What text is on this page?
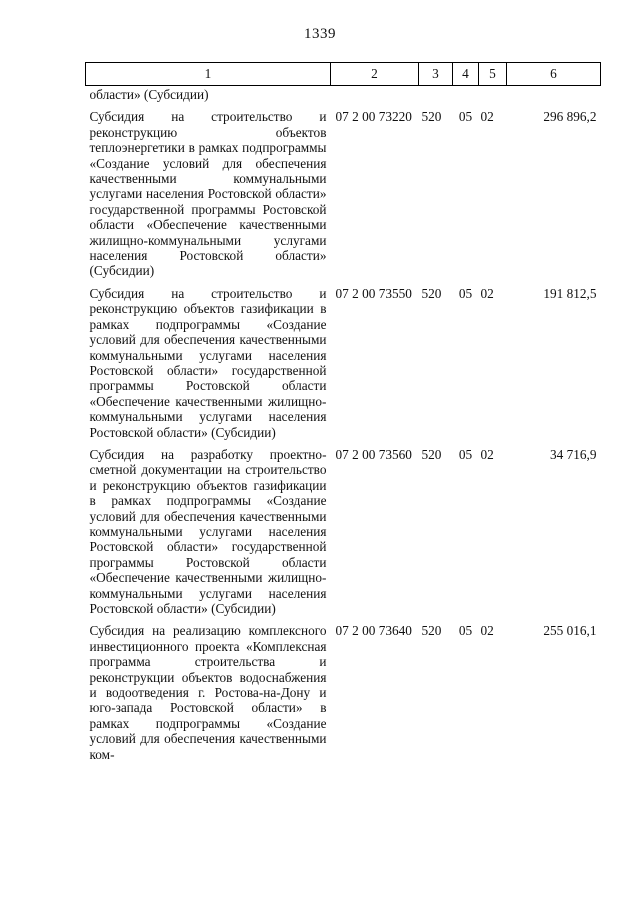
1339
1	2	3	4	5	6
области» (Субсидии)					
Субсидия на строительство и реконструкцию объектов теплоэнергетики в рамках подпрограммы «Создание условий для обеспечения качественными коммунальными услугами населения Ростовской области» государственной программы Ростовской области «Обеспечение качественными жилищно-коммунальными услугами населения Ростовской области» (Субсидии)	07 2 00 73220	520	05	02	296 896,2
Субсидия на строительство и реконструкцию объектов газификации в рамках подпрограммы «Создание условий для обеспечения качественными коммунальными услугами населения Ростовской области» государственной программы Ростовской области «Обеспечение качественными жилищно-коммунальными услугами населения Ростовской области» (Субсидии)	07 2 00 73550	520	05	02	191 812,5
Субсидия на разработку проектно-сметной документации на строительство и реконструкцию объектов газификации в рамках подпрограммы «Создание условий для обеспечения качественными коммунальными услугами населения Ростовской области» государственной программы Ростовской области «Обеспечение качественными жилищно-коммунальными услугами населения Ростовской области» (Субсидии)	07 2 00 73560	520	05	02	34 716,9
Субсидия на реализацию комплексного инвестиционного проекта «Комплексная программа строительства и реконструкции объектов водоснабжения и водоотведения г. Ростова-на-Дону и юго-запада Ростовской области» в рамках подпрограммы «Создание условий для обеспечения качественными ком-	07 2 00 73640	520	05	02	255 016,1
